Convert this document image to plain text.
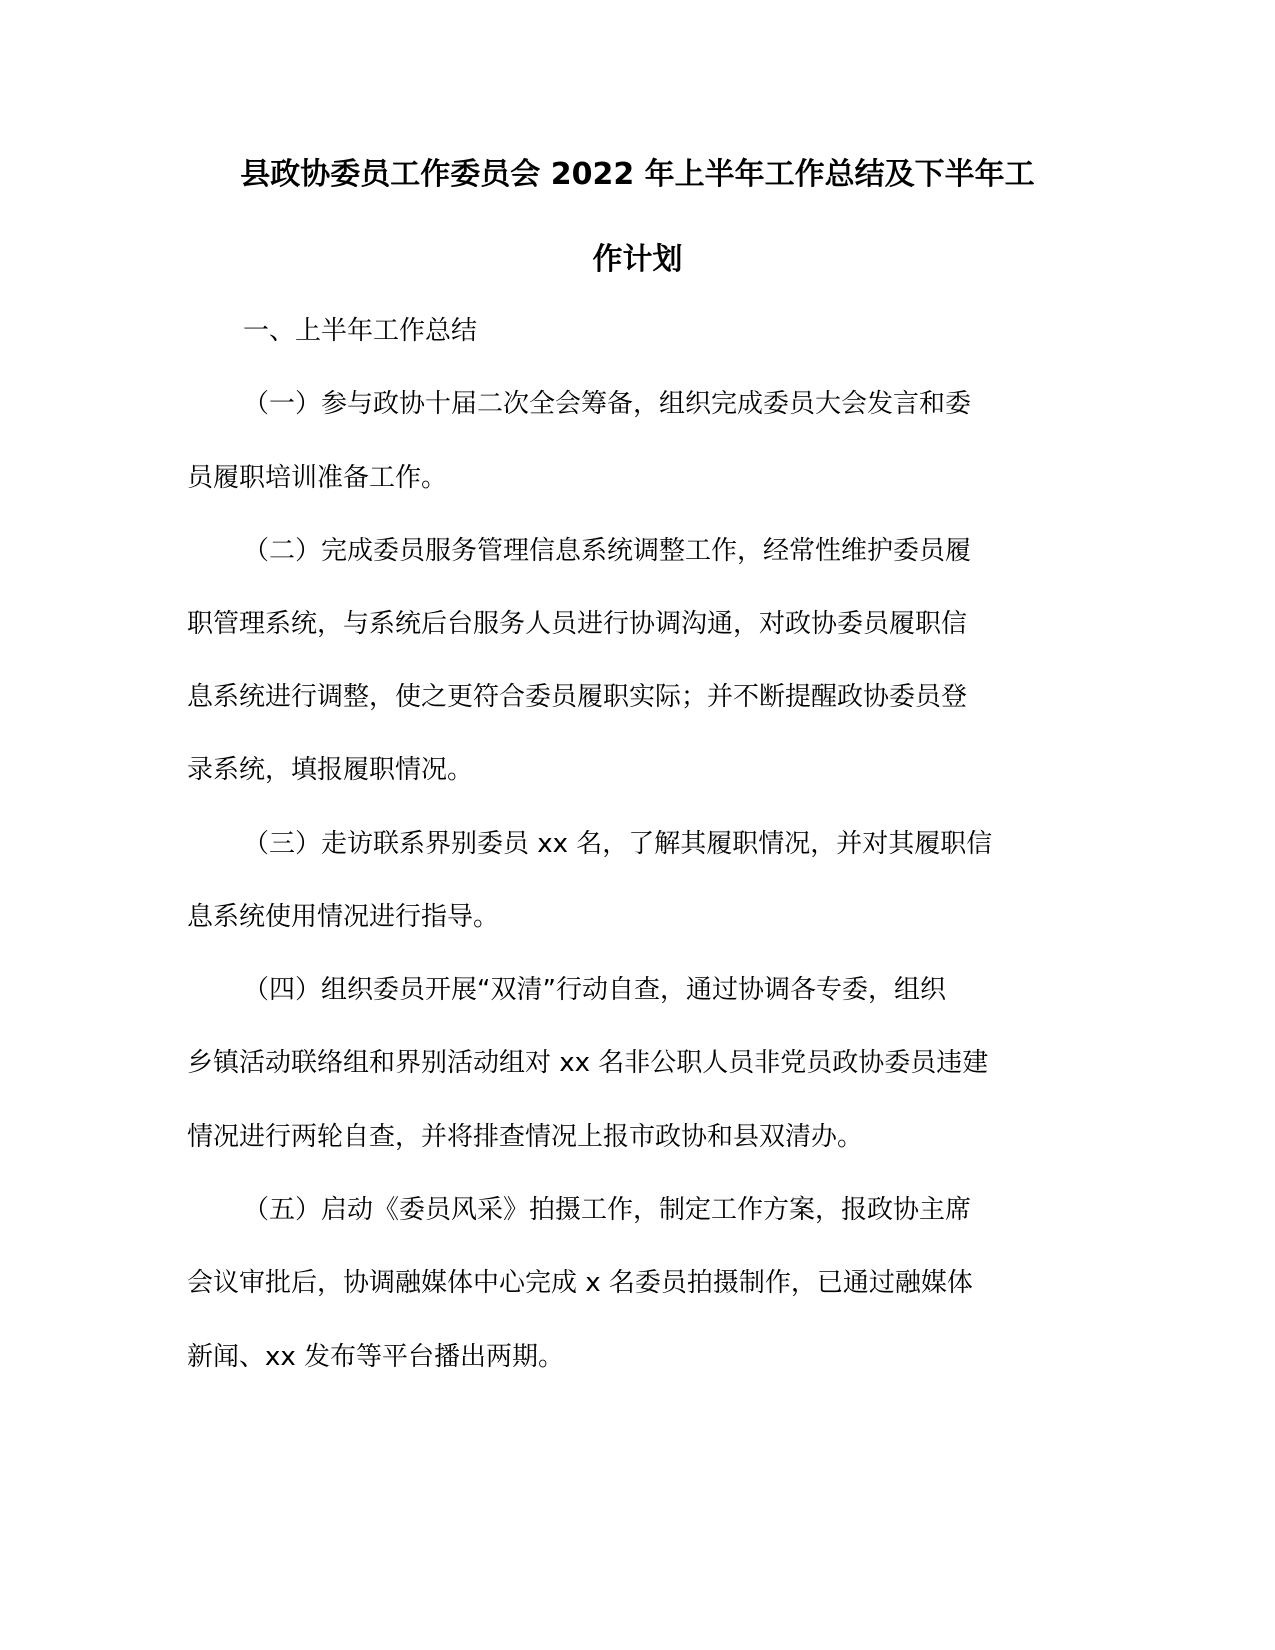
县政协委员工作委员会 2022 年上半年工作总结及下半年工
作计划

一、上半年工作总结

（一）参与政协十届二次全会筹备，组织完成委员大会发言和委

员履职培训准备工作。

（二）完成委员服务管理信息系统调整工作，经常性维护委员履

职管理系统，与系统后台服务人员进行协调沟通，对政协委员履职信

息系统进行调整，使之更符合委员履职实际；并不断提醒政协委员登

录系统，填报履职情况。

（三）走访联系界别委员 xx 名，了解其履职情况，并对其履职信

息系统使用情况进行指导。

（四）组织委员开展“双清”行动自查，通过协调各专委，组织

乡镇活动联络组和界别活动组对 xx 名非公职人员非党员政协委员违建

情况进行两轮自查，并将排查情况上报市政协和县双清办。

（五）启动《委员风采》拍摄工作，制定工作方案，报政协主席

会议审批后，协调融媒体中心完成 x 名委员拍摄制作，已通过融媒体

新闻、xx 发布等平台播出两期。
